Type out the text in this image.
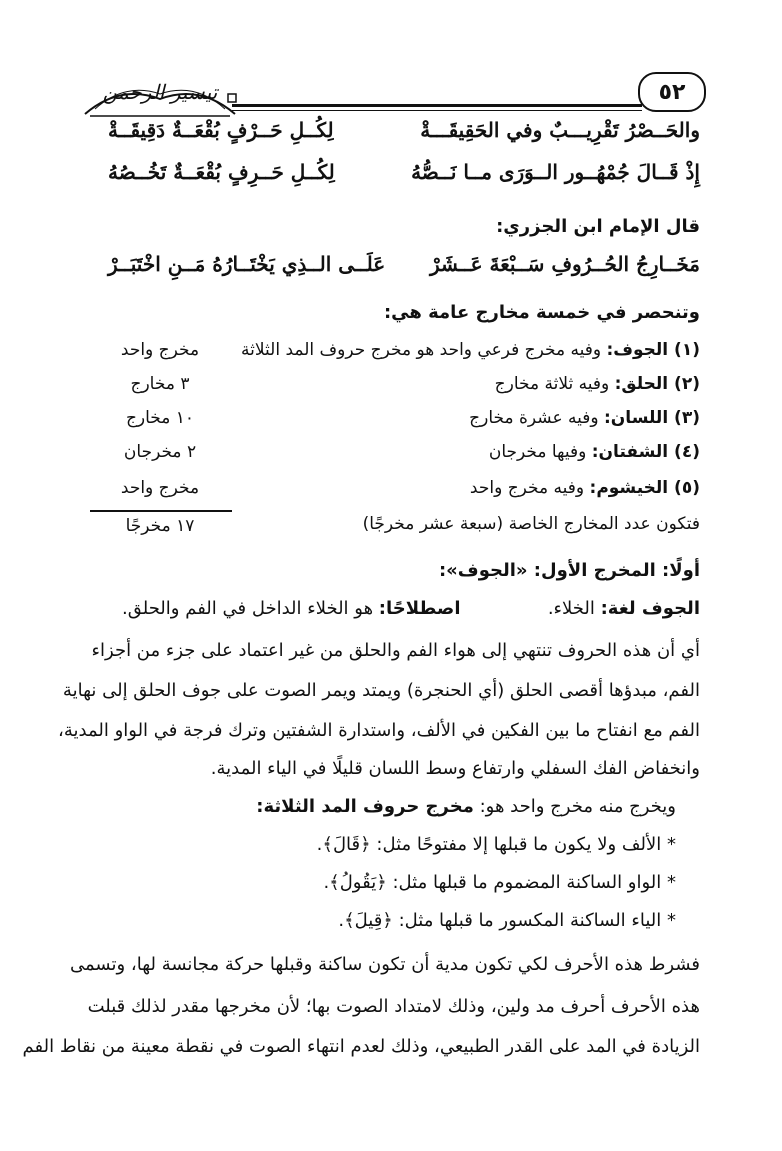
٥٢
تيسير الرحمن
والحَــصْرُ تَقْرِيـــبٌ وفي الحَقِيقَـــةْ
لِكُــلِ حَــرْفٍ بُقْعَــةٌ دَقِيقَــةْ
إِذْ قَــالَ جُمْهُــور الــوَرَى مــا نَــصُّهُ
لِكُــلِ حَــرِفٍ بُقْعَــةٌ تَخُــصُهُ
قال الإمام ابن الجزري:
مَخَــارِجُ الحُــرُوفِ سَــبْعَةَ عَــشَرْ
عَلَــى الــذِي يَخْتَــارُهُ مَــنِ اخْتَبَــرْ
وتنحصر في خمسة مخارج عامة هي:
(١) الجوف: وفيه مخرج فرعي واحد هو مخرج حروف المد الثلاثة
مخرج واحد
(٢) الحلق: وفيه ثلاثة مخارج
٣ مخارج
(٣) اللسان: وفيه عشرة مخارج
١٠ مخارج
(٤) الشفتان: وفيها مخرجان
٢ مخرجان
(٥) الخيشوم: وفيه مخرج واحد
مخرج واحد
فتكون عدد المخارج الخاصة (سبعة عشر مخرجًا)
١٧ مخرجًا
أولًا: المخرج الأول: «الجوف»:
الجوف لغة: الخلاء.
اصطلاحًا: هو الخلاء الداخل في الفم والحلق.
أي أن هذه الحروف تنتهي إلى هواء الفم والحلق من غير اعتماد على جزء من أجزاء
الفم، مبدؤها أقصى الحلق (أي الحنجرة) ويمتد ويمر الصوت على جوف الحلق إلى نهاية
الفم مع انفتاح ما بين الفكين في الألف، واستدارة الشفتين وترك فرجة في الواو المدية،
وانخفاض الفك السفلي وارتفاع وسط اللسان قليلًا في الياء المدية.
ويخرج منه مخرج واحد هو: مخرج حروف المد الثلاثة:
* الألف ولا يكون ما قبلها إلا مفتوحًا مثل: ﴿قَالَ﴾.
* الواو الساكنة المضموم ما قبلها مثل: ﴿يَقُولُ﴾.
* الياء الساكنة المكسور ما قبلها مثل: ﴿قِيلَ﴾.
فشرط هذه الأحرف لكي تكون مدية أن تكون ساكنة وقبلها حركة مجانسة لها، وتسمى
هذه الأحرف أحرف مد ولين، وذلك لامتداد الصوت بها؛ لأن مخرجها مقدر لذلك قبلت
الزيادة في المد على القدر الطبيعي، وذلك لعدم انتهاء الصوت في نقطة معينة من نقاط الفم
